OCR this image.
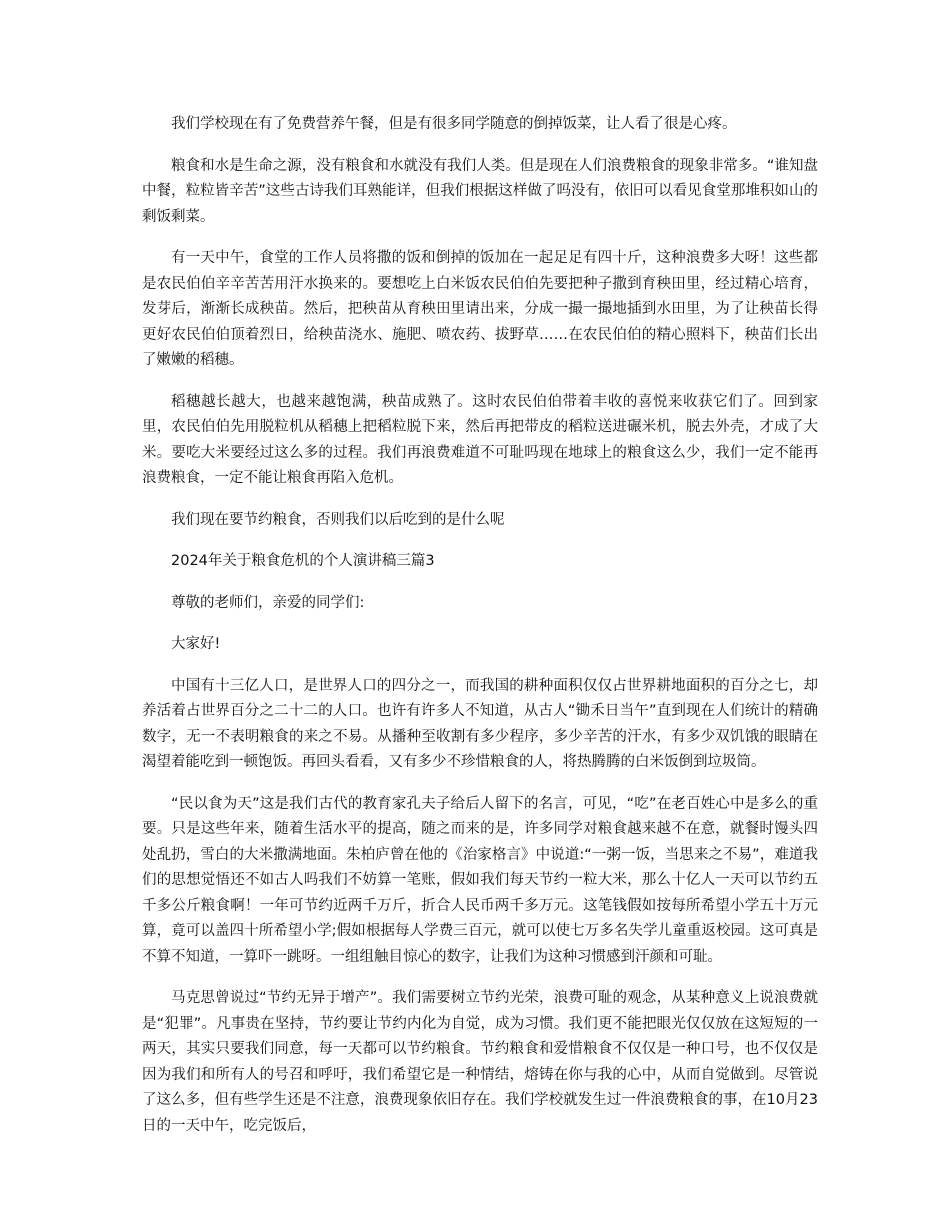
我们学校现在有了免费营养午餐，但是有很多同学随意的倒掉饭菜，让人看了很是心疼。

粮食和水是生命之源，没有粮食和水就没有我们人类。但是现在人们浪费粮食的现象非常多。“谁知盘中餐，粒粒皆辛苦”这些古诗我们耳熟能详，但我们根据这样做了吗没有，依旧可以看见食堂那堆积如山的剩饭剩菜。

有一天中午，食堂的工作人员将撒的饭和倒掉的饭加在一起足足有四十斤，这种浪费多大呀！这些都是农民伯伯辛辛苦苦用汗水换来的。要想吃上白米饭农民伯伯先要把种子撒到育秧田里，经过精心培育，发芽后，渐渐长成秧苗。然后，把秧苗从育秧田里请出来，分成一撮一撮地插到水田里，为了让秧苗长得更好农民伯伯顶着烈日，给秧苗浇水、施肥、喷农药、拔野草……在农民伯伯的精心照料下，秧苗们长出了嫩嫩的稻穗。

稻穗越长越大，也越来越饱满，秧苗成熟了。这时农民伯伯带着丰收的喜悦来收获它们了。回到家里，农民伯伯先用脱粒机从稻穗上把稻粒脱下来，然后再把带皮的稻粒送进碾米机，脱去外壳，才成了大米。要吃大米要经过这么多的过程。我们再浪费难道不可耻吗现在地球上的粮食这么少，我们一定不能再浪费粮食，一定不能让粮食再陷入危机。

我们现在要节约粮食，否则我们以后吃到的是什么呢

2024年关于粮食危机的个人演讲稿三篇3

尊敬的老师们，亲爱的同学们:

大家好!

中国有十三亿人口，是世界人口的四分之一，而我国的耕种面积仅仅占世界耕地面积的百分之七，却养活着占世界百分之二十二的人口。也许有许多人不知道，从古人“锄禾日当午”直到现在人们统计的精确数字，无一不表明粮食的来之不易。从播种至收割有多少程序，多少辛苦的汗水，有多少双饥饿的眼睛在渴望着能吃到一顿饱饭。再回头看看，又有多少不珍惜粮食的人，将热腾腾的白米饭倒到垃圾筒。

“民以食为天”这是我们古代的教育家孔夫子给后人留下的名言，可见，“吃”在老百姓心中是多么的重要。只是这些年来，随着生活水平的提高，随之而来的是，许多同学对粮食越来越不在意，就餐时馒头四处乱扔，雪白的大米撒满地面。朱柏庐曾在他的《治家格言》中说道:“一粥一饭，当思来之不易”，难道我们的思想觉悟还不如古人吗我们不妨算一笔账，假如我们每天节约一粒大米，那么十亿人一天可以节约五千多公斤粮食啊！一年可节约近两千万斤，折合人民币两千多万元。这笔钱假如按每所希望小学五十万元算，竟可以盖四十所希望小学;假如根据每人学费三百元，就可以使七万多名失学儿童重返校园。这可真是不算不知道，一算吓一跳呀。一组组触目惊心的数字，让我们为这种习惯感到汗颜和可耻。

马克思曾说过“节约无异于增产”。我们需要树立节约光荣，浪费可耻的观念，从某种意义上说浪费就是“犯罪”。凡事贵在坚持，节约要让节约内化为自觉，成为习惯。我们更不能把眼光仅仅放在这短短的一两天，其实只要我们同意，每一天都可以节约粮食。节约粮食和爱惜粮食不仅仅是一种口号，也不仅仅是因为我们和所有人的号召和呼吁，我们希望它是一种情结，熔铸在你与我的心中，从而自觉做到。尽管说了这么多，但有些学生还是不注意，浪费现象依旧存在。我们学校就发生过一件浪费粮食的事，在10月23日的一天中午，吃完饭后，
